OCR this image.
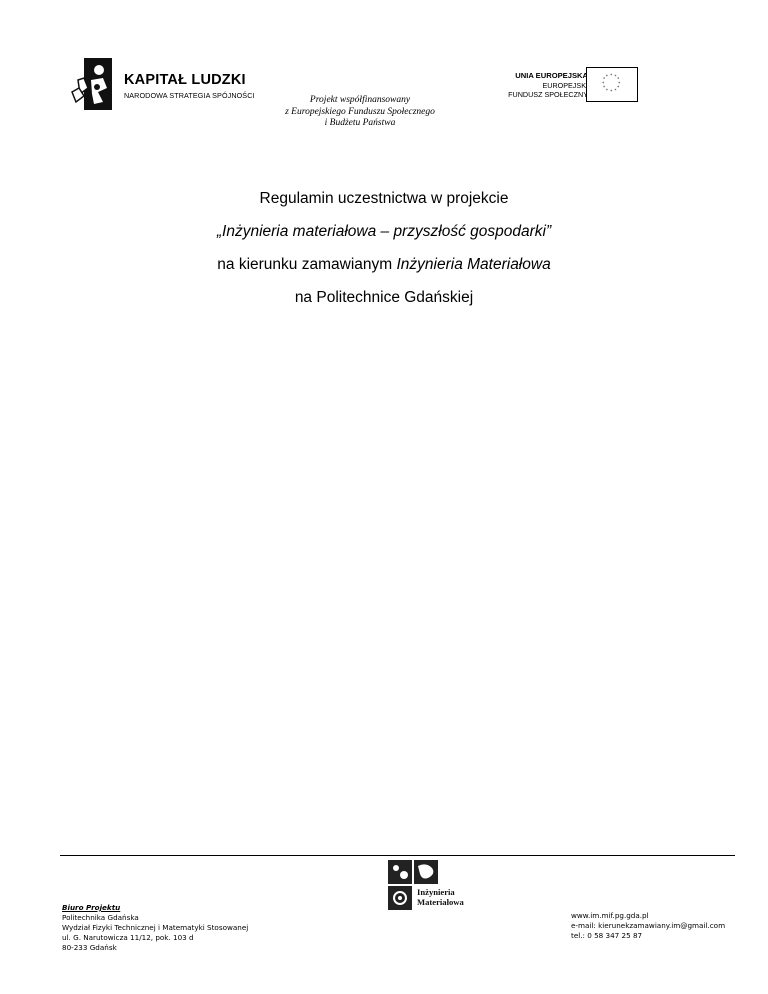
KAPITAŁ LUDZKI
NARODOWA STRATEGIA SPÓJNOŚCI	Projekt współfinansowany
z Europejskiego Funduszu Społecznego
i Budżetu Państwa
UNIA EUROPEJSKA
EUROPEJSKI
FUNDUSZ SPOŁECZNY
* *
*
*
*
*
*
*
*
*
*
*
Regulamin uczestnictwa w projekcie
„Inżynieria materiałowa – przyszłość gospodarki”
na kierunku zamawianym Inżynieria Materiałowa
na Politechnice Gdańskiej
Inżynieria
Materiałowa
Biuro Projektu
Politechnika Gdańska
Wydział Fizyki Technicznej i Matematyki Stosowanej
ul. G. Narutowicza 11/12, pok. 103 d
80-233 Gdańsk
www.im.mif.pg.gda.pl
e-mail: kierunekzamawiany.im@gmail.com
tel.: 0 58 347 25 87
